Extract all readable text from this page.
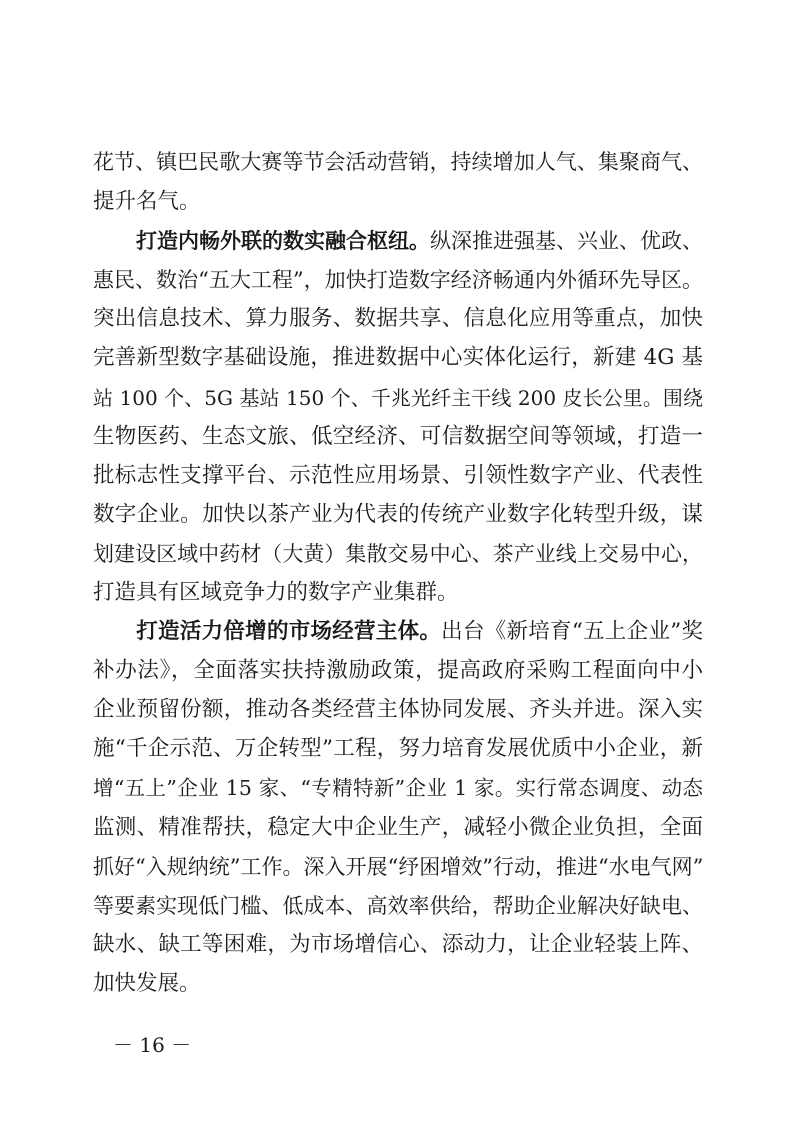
花节、镇巴民歌大赛等节会活动营销，持续增加人气、集聚商气、
提升名气。
打造内畅外联的数实融合枢纽。纵深推进强基、兴业、优政、
惠民、数治“五大工程”，加快打造数字经济畅通内外循环先导区。
突出信息技术、算力服务、数据共享、信息化应用等重点，加快
完善新型数字基础设施，推进数据中心实体化运行，新建 4G 基
站 100 个、5G 基站 150 个、千兆光纤主干线 200 皮长公里。围绕
生物医药、生态文旅、低空经济、可信数据空间等领域，打造一
批标志性支撑平台、示范性应用场景、引领性数字产业、代表性
数字企业。加快以茶产业为代表的传统产业数字化转型升级，谋
划建设区域中药材（大黄）集散交易中心、茶产业线上交易中心，
打造具有区域竞争力的数字产业集群。
打造活力倍增的市场经营主体。出台《新培育“五上企业”奖
补办法》，全面落实扶持激励政策，提高政府采购工程面向中小
企业预留份额，推动各类经营主体协同发展、齐头并进。深入实
施“千企示范、万企转型”工程，努力培育发展优质中小企业，新
增“五上”企业 15 家、“专精特新”企业 1 家。实行常态调度、动态
监测、精准帮扶，稳定大中企业生产，减轻小微企业负担，全面
抓好“入规纳统”工作。深入开展“纾困增效”行动，推进“水电气网”
等要素实现低门槛、低成本、高效率供给，帮助企业解决好缺电、
缺水、缺工等困难，为市场增信心、添动力，让企业轻装上阵、
加快发展。
－ 16 －
